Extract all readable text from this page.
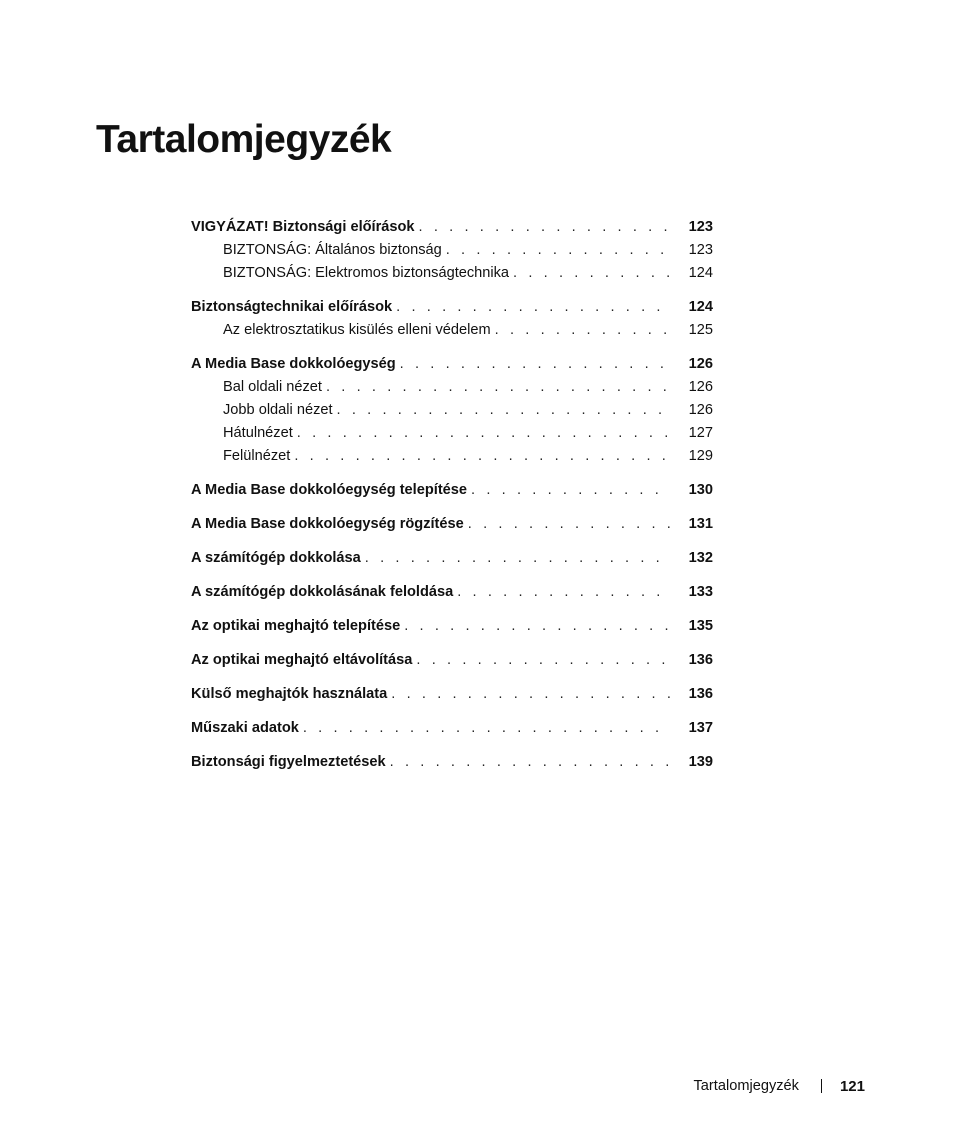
Tartalomjegyzék
VIGYÁZAT! Biztonsági előírások . . .	123
BIZTONSÁG: Általános biztonság . . .	123
BIZTONSÁG: Elektromos biztonságtechnika . . .	124
Biztonságtechnikai előírások . . .	124
Az elektrosztatikus kisülés elleni védelem . . .	125
A Media Base dokkolóegység . . .	126
Bal oldali nézet . . .	126
Jobb oldali nézet . . .	126
Hátulnézet . . .	127
Felülnézet . . .	129
A Media Base dokkolóegység telepítése . . .	130
A Media Base dokkolóegység rögzítése . . .	131
A számítógép dokkolása . . .	132
A számítógép dokkolásának feloldása . . .	133
Az optikai meghajtó telepítése . . .	135
Az optikai meghajtó eltávolítása . . .	136
Külső meghajtók használata . . .	136
Műszaki adatok . . .	137
Biztonsági figyelmeztetések . . .	139
Tartalomjegyzék	121
